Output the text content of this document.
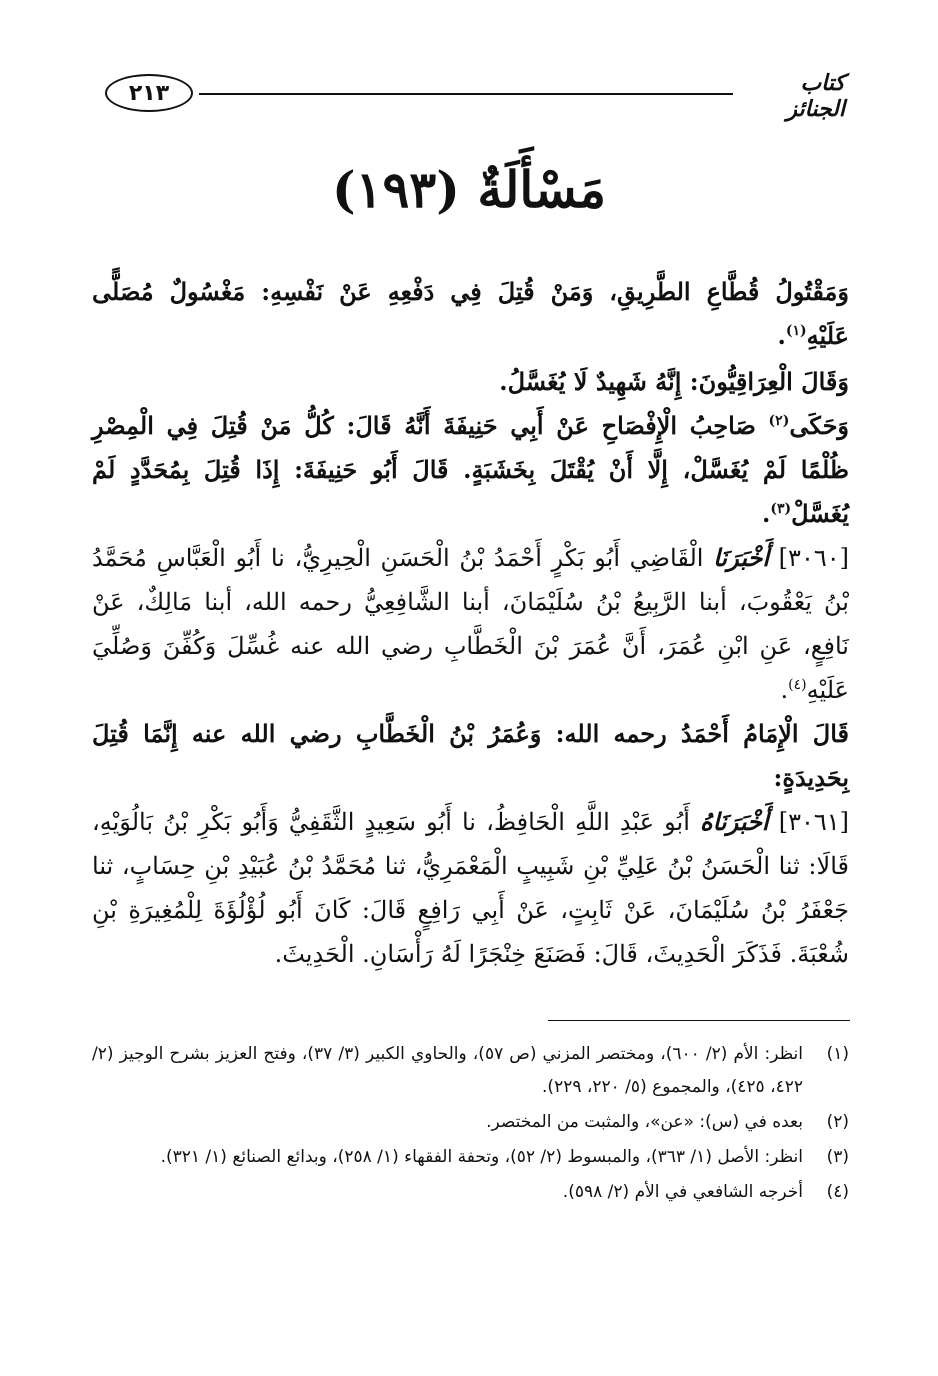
٢١٣	كتاب الجنائز
مَسْأَلَةٌ (١٩٣)

وَمَقْتُولُ قُطَّاعِ الطَّرِيقِ، وَمَنْ قُتِلَ فِي دَفْعِهِ عَنْ نَفْسِهِ: مَغْسُولٌ مُصَلًّى عَلَيْهِ$^{(١)}$.

وَقَالَ الْعِرَاقِيُّونَ: إِنَّهُ شَهِيدٌ لَا يُغَسَّلُ.

وَحَكَى$^{(٢)}$ صَاحِبُ الْإِفْصَاحِ عَنْ أَبِي حَنِيفَةَ أَنَّهُ قَالَ: كُلُّ مَنْ قُتِلَ فِي الْمِصْرِ ظُلْمًا لَمْ يُغَسَّلْ، إِلَّا أَنْ يُقْتَلَ بِخَشَبَةٍ. قَالَ أَبُو حَنِيفَةَ: إِذَا قُتِلَ بِمُحَدَّدٍ لَمْ يُغَسَّلْ$^{(٣)}$.

[٣٠٦٠] أَخْبَرَنَا الْقَاضِي أَبُو بَكْرٍ أَحْمَدُ بْنُ الْحَسَنِ الْحِيرِيُّ، نا أَبُو الْعَبَّاسِ مُحَمَّدُ بْنُ يَعْقُوبَ، أبنا الرَّبِيعُ بْنُ سُلَيْمَانَ، أبنا الشَّافِعِيُّ رحمه الله، أبنا مَالِكٌ، عَنْ نَافِعٍ، عَنِ ابْنِ عُمَرَ، أَنَّ عُمَرَ بْنَ الْخَطَّابِ رضي الله عنه غُسِّلَ وَكُفِّنَ وَصُلِّيَ عَلَيْهِ$^{(٤)}$.

قَالَ الْإِمَامُ أَحْمَدُ رحمه الله: وَعُمَرُ بْنُ الْخَطَّابِ رضي الله عنه إِنَّمَا قُتِلَ بِحَدِيدَةٍ:

[٣٠٦١] أَخْبَرَنَاهُ أَبُو عَبْدِ اللَّهِ الْحَافِظُ، نا أَبُو سَعِيدٍ الثَّقَفِيُّ وَأَبُو بَكْرِ بْنُ بَالُوَيْهِ، قَالَا: ثنا الْحَسَنُ بْنُ عَلِيِّ بْنِ شَبِيبٍ الْمَعْمَرِيُّ، ثنا مُحَمَّدُ بْنُ عُبَيْدِ بْنِ حِسَابٍ، ثنا جَعْفَرُ بْنُ سُلَيْمَانَ، عَنْ ثَابِتٍ، عَنْ أَبِي رَافِعٍ قَالَ: كَانَ أَبُو لُؤْلُؤَةَ لِلْمُغِيرَةِ بْنِ شُعْبَةَ. فَذَكَرَ الْحَدِيثَ، قَالَ: فَصَنَعَ خِنْجَرًا لَهُ رَأْسَانِ. الْحَدِيثَ.

(١)
انظر: الأم (٢/ ٦٠٠)، ومختصر المزني (ص ٥٧)، والحاوي الكبير (٣/ ٣٧)، وفتح العزيز بشرح الوجيز (٢/ ٤٢٢، ٤٢٥)، والمجموع (٥/ ٢٢٠، ٢٢٩).
(٢)
بعده في (س): «عن»، والمثبت من المختصر.
(٣)
انظر: الأصل (١/ ٣٦٣)، والمبسوط (٢/ ٥٢)، وتحفة الفقهاء (١/ ٢٥٨)، وبدائع الصنائع (١/ ٣٢١).
(٤)
أخرجه الشافعي في الأم (٢/ ٥٩٨).
